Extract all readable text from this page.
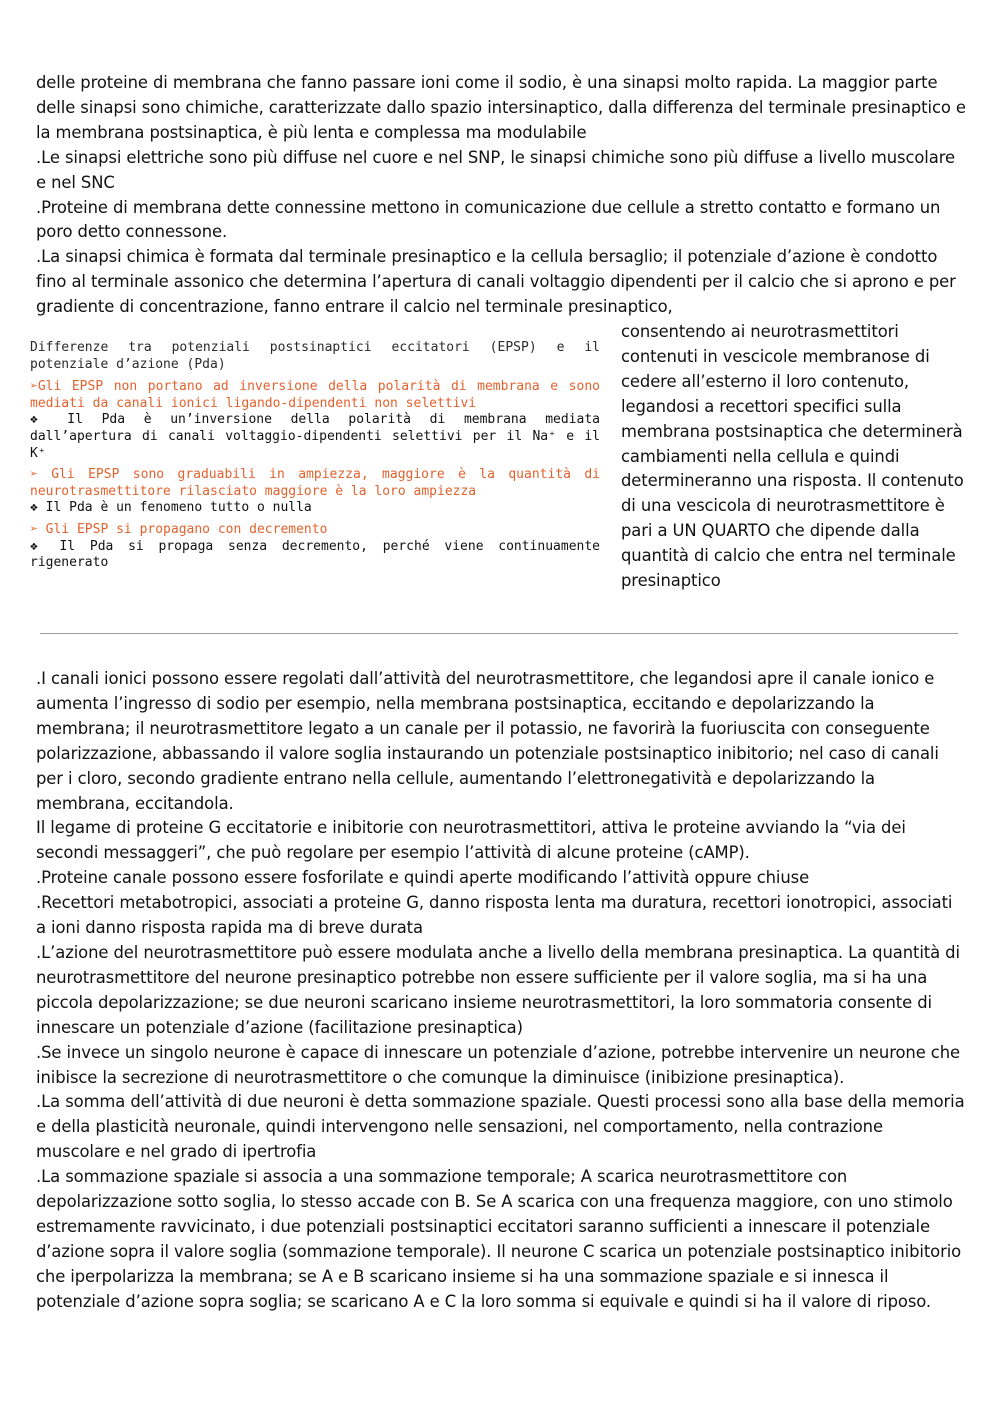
delle proteine di membrana che fanno passare ioni come il sodio, è una sinapsi molto rapida. La maggior parte delle sinapsi sono chimiche, caratterizzate dallo spazio intersinaptico, dalla differenza del terminale presinaptico e la membrana postsinaptica, è più lenta e complessa ma modulabile

.Le sinapsi elettriche sono più diffuse nel cuore e nel SNP, le sinapsi chimiche sono più diffuse a livello muscolare e nel SNC

.Proteine di membrana dette connessine mettono in comunicazione due cellule a stretto contatto e formano un poro detto connessone.

.La sinapsi chimica è formata dal terminale presinaptico e la cellula bersaglio; il potenziale d’azione è condotto fino al terminale assonico che determina l’apertura di canali voltaggio dipendenti per il calcio che si aprono e per gradiente di concentrazione, fanno entrare il calcio nel terminale presinaptico,

Differenze tra potenziali postsinaptici eccitatori (EPSP) e il potenziale d’azione (Pda)

➢Gli EPSP non portano ad inversione della polarità di membrana e sono mediati da canali ionici ligando-dipendenti non selettivi

❖ Il Pda è un’inversione della polarità di membrana mediata dall’apertura di canali voltaggio-dipendenti selettivi per il Na⁺ e il K⁺

➢ Gli EPSP sono graduabili in ampiezza, maggiore è la quantità di neurotrasmettitore rilasciato maggiore è la loro ampiezza

❖ Il Pda è un fenomeno tutto o nulla

➢ Gli EPSP si propagano con decremento

❖ Il Pda si propaga senza decremento, perché viene continuamente rigenerato

consentendo ai neurotrasmettitori contenuti in vescicole membranose di cedere all’esterno il loro contenuto, legandosi a recettori specifici sulla membrana postsinaptica che determinerà cambiamenti nella cellula e quindi determineranno una risposta. Il contenuto di una vescicola di neurotrasmettitore è pari a UN QUARTO che dipende dalla quantità di calcio che entra nel terminale presinaptico

.I canali ionici possono essere regolati dall’attività del neurotrasmettitore, che legandosi apre il canale ionico e aumenta l’ingresso di sodio per esempio, nella membrana postsinaptica, eccitando e depolarizzando la membrana; il neurotrasmettitore legato a un canale per il potassio, ne favorirà la fuoriuscita con conseguente polarizzazione, abbassando il valore soglia instaurando un potenziale postsinaptico inibitorio; nel caso di canali per i cloro, secondo gradiente entrano nella cellule, aumentando l’elettronegatività e depolarizzando la membrana, eccitandola.

Il legame di proteine G eccitatorie e inibitorie con neurotrasmettitori, attiva le proteine avviando la “via dei secondi messaggeri”, che può regolare per esempio l’attività di alcune proteine (cAMP).

.Proteine canale possono essere fosforilate e quindi aperte modificando l’attività oppure chiuse

.Recettori metabotropici, associati a proteine G, danno risposta lenta ma duratura, recettori ionotropici, associati a ioni danno risposta rapida ma di breve durata

.L’azione del neurotrasmettitore può essere modulata anche a livello della membrana presinaptica. La quantità di neurotrasmettitore del neurone presinaptico potrebbe non essere sufficiente per il valore soglia, ma si ha una piccola depolarizzazione; se due neuroni scaricano insieme neurotrasmettitori, la loro sommatoria consente di innescare un potenziale d’azione (facilitazione presinaptica)

.Se invece un singolo neurone è capace di innescare un potenziale d’azione, potrebbe intervenire un neurone che inibisce la secrezione di neurotrasmettitore o che comunque la diminuisce (inibizione presinaptica).

.La somma dell’attività di due neuroni è detta sommazione spaziale. Questi processi sono alla base della memoria e della plasticità neuronale, quindi intervengono nelle sensazioni, nel comportamento, nella contrazione muscolare e nel grado di ipertrofia

.La sommazione spaziale si associa a una sommazione temporale; A scarica neurotrasmettitore con depolarizzazione sotto soglia, lo stesso accade con B. Se A scarica con una frequenza maggiore, con uno stimolo estremamente ravvicinato, i due potenziali postsinaptici eccitatori saranno sufficienti a innescare il potenziale d’azione sopra il valore soglia (sommazione temporale). Il neurone C scarica un potenziale postsinaptico inibitorio che iperpolarizza la membrana; se A e B scaricano insieme si ha una sommazione spaziale e si innesca il potenziale d’azione sopra soglia; se scaricano A e C la loro somma si equivale e quindi si ha il valore di riposo.
